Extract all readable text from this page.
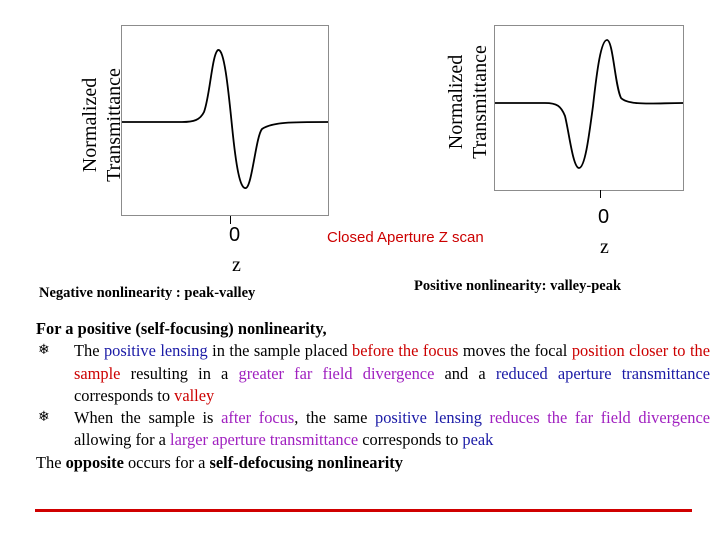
Normalized Transmittance
0
z
Negative nonlinearity : peak-valley
Normalized Transmittance
0
z
Positive nonlinearity: valley-peak
Closed Aperture Z scan

For a positive (self-focusing) nonlinearity,

❄ The positive lensing in the sample placed before the focus moves the focal position closer to the sample resulting in a greater far field divergence and a reduced aperture transmittance corresponds to valley

❄ When the sample is after focus, the same positive lensing reduces the far field divergence allowing for a larger aperture transmittance corresponds to peak

The opposite occurs for a self-defocusing nonlinearity
